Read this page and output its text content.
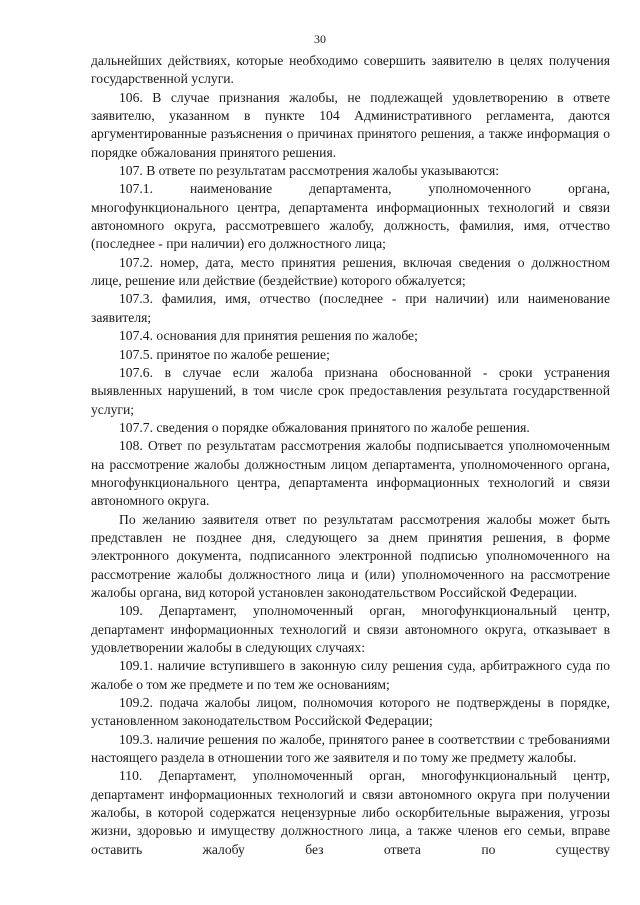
30

дальнейших действиях, которые необходимо совершить заявителю в целях получения государственной услуги.

106. В случае признания жалобы, не подлежащей удовлетворению в ответе заявителю, указанном в пункте 104 Административного регламента, даются аргументированные разъяснения о причинах принятого решения, а также информация о порядке обжалования принятого решения.

107. В ответе по результатам рассмотрения жалобы указываются:

107.1. наименование департамента, уполномоченного органа, многофункционального центра, департамента информационных технологий и связи автономного округа, рассмотревшего жалобу, должность, фамилия, имя, отчество (последнее - при наличии) его должностного лица;

107.2. номер, дата, место принятия решения, включая сведения о должностном лице, решение или действие (бездействие) которого обжалуется;

107.3. фамилия, имя, отчество (последнее - при наличии) или наименование заявителя;

107.4. основания для принятия решения по жалобе;

107.5. принятое по жалобе решение;

107.6. в случае если жалоба признана обоснованной - сроки устранения выявленных нарушений, в том числе срок предоставления результата государственной услуги;

107.7. сведения о порядке обжалования принятого по жалобе решения.

108. Ответ по результатам рассмотрения жалобы подписывается уполномоченным на рассмотрение жалобы должностным лицом департамента, уполномоченного органа, многофункционального центра, департамента информационных технологий и связи автономного округа.

По желанию заявителя ответ по результатам рассмотрения жалобы может быть представлен не позднее дня, следующего за днем принятия решения, в форме электронного документа, подписанного электронной подписью уполномоченного на рассмотрение жалобы должностного лица и (или) уполномоченного на рассмотрение жалобы органа, вид которой установлен законодательством Российской Федерации.

109. Департамент, уполномоченный орган, многофункциональный центр, департамент информационных технологий и связи автономного округа, отказывает в удовлетворении жалобы в следующих случаях:

109.1. наличие вступившего в законную силу решения суда, арбитражного суда по жалобе о том же предмете и по тем же основаниям;

109.2. подача жалобы лицом, полномочия которого не подтверждены в порядке, установленном законодательством Российской Федерации;

109.3. наличие решения по жалобе, принятого ранее в соответствии с требованиями настоящего раздела в отношении того же заявителя и по тому же предмету жалобы.

110. Департамент, уполномоченный орган, многофункциональный центр, департамент информационных технологий и связи автономного округа при получении жалобы, в которой содержатся нецензурные либо оскорбительные выражения, угрозы жизни, здоровью и имуществу должностного лица, а также членов его семьи, вправе оставить жалобу без ответа по существу
